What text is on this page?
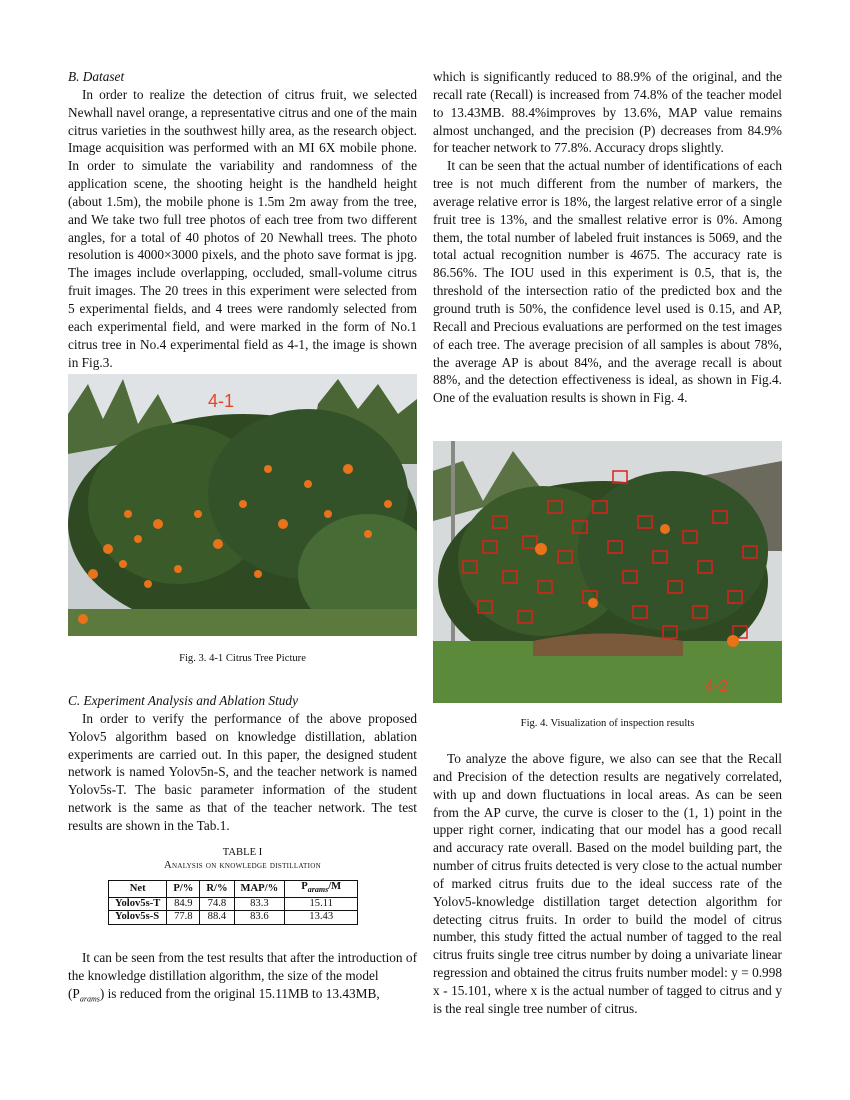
B. Dataset

In order to realize the detection of citrus fruit, we selected Newhall navel orange, a representative citrus and one of the main citrus varieties in the southwest hilly area, as the research object. Image acquisition was performed with an MI 6X mobile phone. In order to simulate the variability and randomness of the application scene, the shooting height is the handheld height (about 1.5m), the mobile phone is 1.5m 2m away from the tree, and We take two full tree photos of each tree from two different angles, for a total of 40 photos of 20 Newhall trees. The photo resolution is 4000×3000 pixels, and the photo save format is jpg. The images include overlapping, occluded, small-volume citrus fruit images. The 20 trees in this experiment were selected from 5 experimental fields, and 4 trees were randomly selected from each experimental field, and were marked in the form of No.1 citrus tree in No.4 experimental field as 4-1, the image is shown in Fig.3.

4-1
Fig. 3. 4-1 Citrus Tree Picture

C. Experiment Analysis and Ablation Study

In order to verify the performance of the above proposed Yolov5 algorithm based on knowledge distillation, ablation experiments are carried out. In this paper, the designed student network is named Yolov5n-S, and the teacher network is named Yolov5s-T. The basic parameter information of the student network is the same as that of the teacher network. The test results are shown in the Tab.1.

TABLE I
Analysis on knowledge distillation
Net	P/%	R/%	MAP/%	$P_{arams}/M$
Yolov5s-T	84.9	74.8	83.3	15.11
Yolov5s-S	77.8	88.4	83.6	13.43

It can be seen from the test results that after the introduction of the knowledge distillation algorithm, the size of the model

$(P_{arams})$ is reduced from the original 15.11MB to 13.43MB,

which is significantly reduced to 88.9% of the original, and the recall rate (Recall) is increased from 74.8% of the teacher model to 13.43MB. 88.4%improves by 13.6%, MAP value remains almost unchanged, and the precision (P) decreases from 84.9% for teacher network to 77.8%. Accuracy drops slightly.

It can be seen that the actual number of identifications of each tree is not much different from the number of markers, the average relative error is 18%, the largest relative error of a single fruit tree is 13%, and the smallest relative error is 0%. Among them, the total number of labeled fruit instances is 5069, and the total actual recognition number is 4675. The accuracy rate is 86.56%. The IOU used in this experiment is 0.5, that is, the threshold of the intersection ratio of the predicted box and the ground truth is 50%, the confidence level used is 0.15, and AP, Recall and Precious evaluations are performed on the test images of each tree. The average precision of all samples is about 78%, the average AP is about 84%, and the average recall is about 88%, and the detection effectiveness is ideal, as shown in Fig.4. One of the evaluation results is shown in Fig. 4.

4-2
Fig. 4. Visualization of inspection results

To analyze the above figure, we also can see that the Recall and Precision of the detection results are negatively correlated, with up and down fluctuations in local areas. As can be seen from the AP curve, the curve is closer to the (1, 1) point in the upper right corner, indicating that our model has a good recall and accuracy rate overall. Based on the model building part, the number of citrus fruits detected is very close to the actual number of marked citrus fruits due to the ideal success rate of the Yolov5-knowledge distillation target detection algorithm for detecting citrus fruits. In order to build the model of citrus number, this study fitted the actual number of tagged to the real citrus fruits single tree citrus number by doing a univariate linear regression and obtained the citrus fruits number model: y = 0.998 x - 15.101, where x is the actual number of tagged to citrus and y is the real single tree number of citrus.
